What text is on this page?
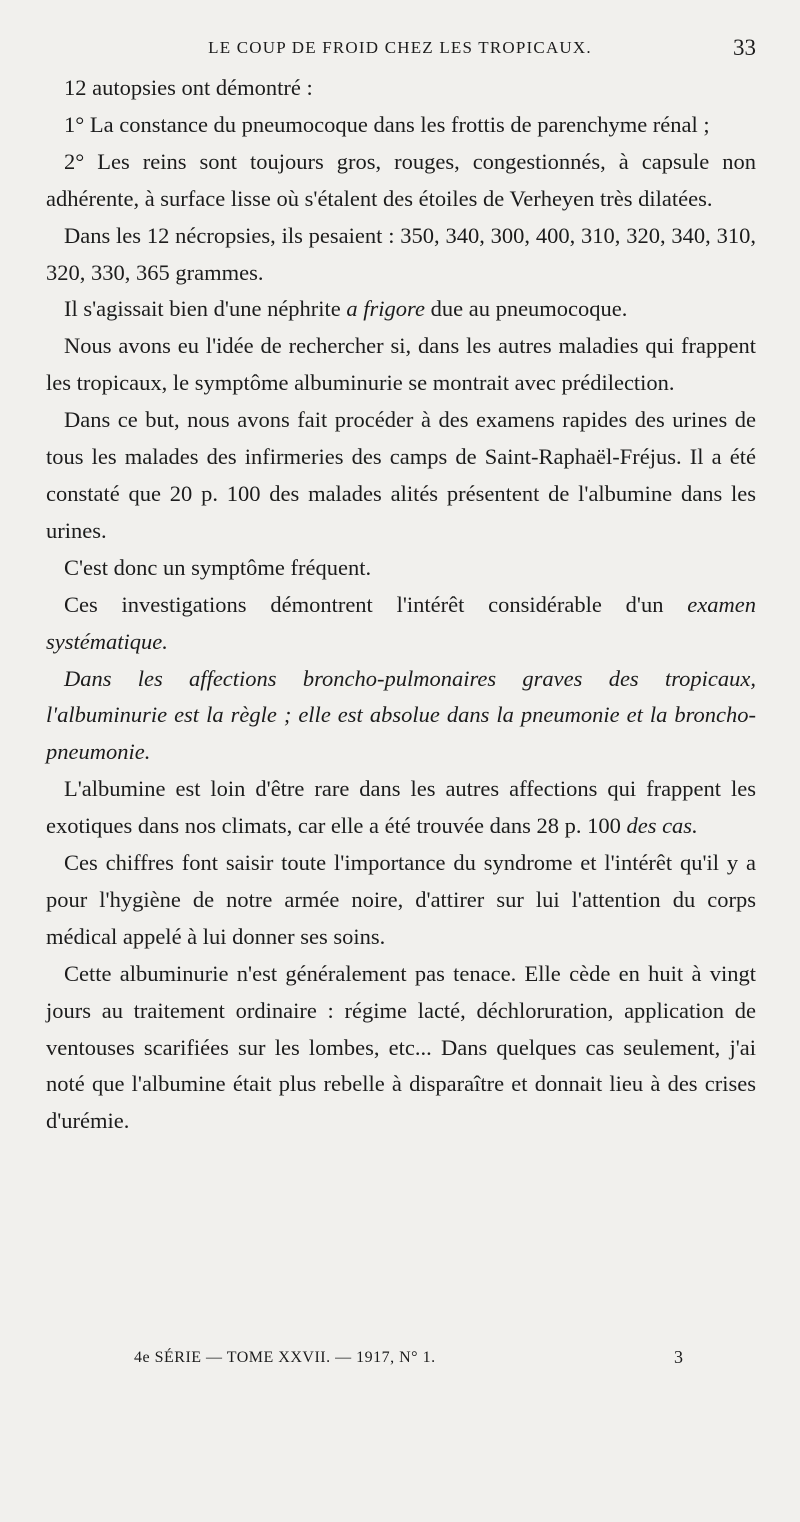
LE COUP DE FROID CHEZ LES TROPICAUX.	33

12 autopsies ont démontré :

1° La constance du pneumocoque dans les frottis de parenchyme rénal ;

2° Les reins sont toujours gros, rouges, congestionnés, à capsule non adhérente, à surface lisse où s'étalent des étoiles de Verheyen très dilatées.

Dans les 12 nécropsies, ils pesaient : 350, 340, 300, 400, 310, 320, 340, 310, 320, 330, 365 grammes.

Il s'agissait bien d'une néphrite a frigore due au pneumocoque.

Nous avons eu l'idée de rechercher si, dans les autres maladies qui frappent les tropicaux, le symptôme albuminurie se montrait avec prédilection.

Dans ce but, nous avons fait procéder à des examens rapides des urines de tous les malades des infirmeries des camps de Saint-Raphaël-Fréjus. Il a été constaté que 20 p. 100 des malades alités présentent de l'albumine dans les urines.

C'est donc un symptôme fréquent.

Ces investigations démontrent l'intérêt considérable d'un examen systématique.

Dans les affections broncho-pulmonaires graves des tropicaux, l'albuminurie est la règle ; elle est absolue dans la pneumonie et la broncho-pneumonie.

L'albumine est loin d'être rare dans les autres affections qui frappent les exotiques dans nos climats, car elle a été trouvée dans 28 p. 100 des cas.

Ces chiffres font saisir toute l'importance du syndrome et l'intérêt qu'il y a pour l'hygiène de notre armée noire, d'attirer sur lui l'attention du corps médical appelé à lui donner ses soins.

Cette albuminurie n'est généralement pas tenace. Elle cède en huit à vingt jours au traitement ordinaire : régime lacté, déchloruration, application de ventouses scarifiées sur les lombes, etc... Dans quelques cas seulement, j'ai noté que l'albumine était plus rebelle à disparaître et donnait lieu à des crises d'urémie.

4e SÉRIE — TOME XXVII. — 1917, N° 1.	3
